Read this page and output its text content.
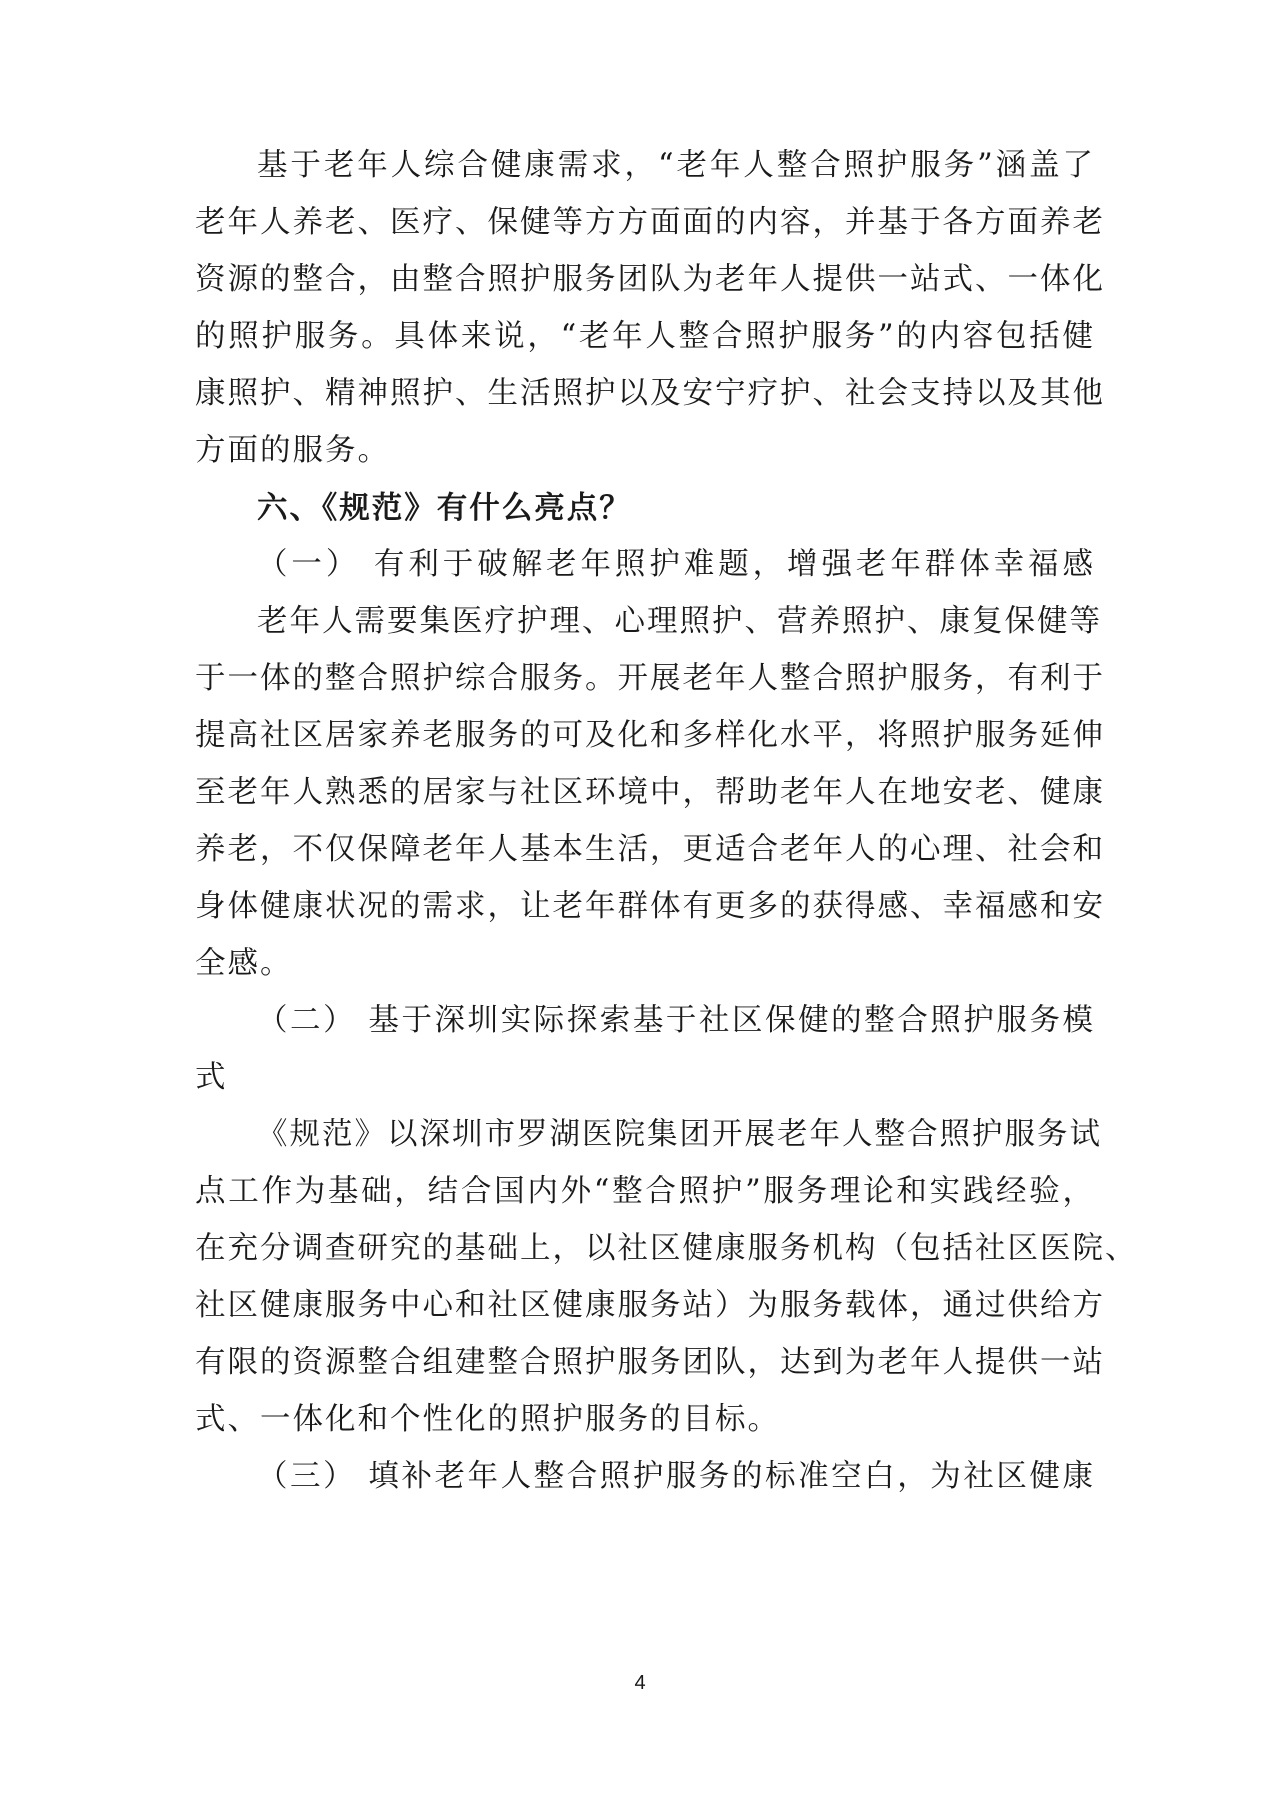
基于老年人综合健康需求，“老年人整合照护服务”涵盖了
老年人养老、医疗、保健等方方面面的内容，并基于各方面养老
资源的整合，由整合照护服务团队为老年人提供一站式、一体化
的照护服务。具体来说，“老年人整合照护服务”的内容包括健
康照护、精神照护、生活照护以及安宁疗护、社会支持以及其他
方面的服务。
六、《规范》有什么亮点？
（一） 有利于破解老年照护难题，增强老年群体幸福感
老年人需要集医疗护理、心理照护、营养照护、康复保健等
于一体的整合照护综合服务。开展老年人整合照护服务，有利于
提高社区居家养老服务的可及化和多样化水平，将照护服务延伸
至老年人熟悉的居家与社区环境中，帮助老年人在地安老、健康
养老，不仅保障老年人基本生活，更适合老年人的心理、社会和
身体健康状况的需求，让老年群体有更多的获得感、幸福感和安
全感。
（二） 基于深圳实际探索基于社区保健的整合照护服务模
式
《规范》以深圳市罗湖医院集团开展老年人整合照护服务试
点工作为基础，结合国内外“整合照护”服务理论和实践经验，
在充分调查研究的基础上，以社区健康服务机构（包括社区医院、
社区健康服务中心和社区健康服务站）为服务载体，通过供给方
有限的资源整合组建整合照护服务团队，达到为老年人提供一站
式、一体化和个性化的照护服务的目标。
（三） 填补老年人整合照护服务的标准空白，为社区健康
4
